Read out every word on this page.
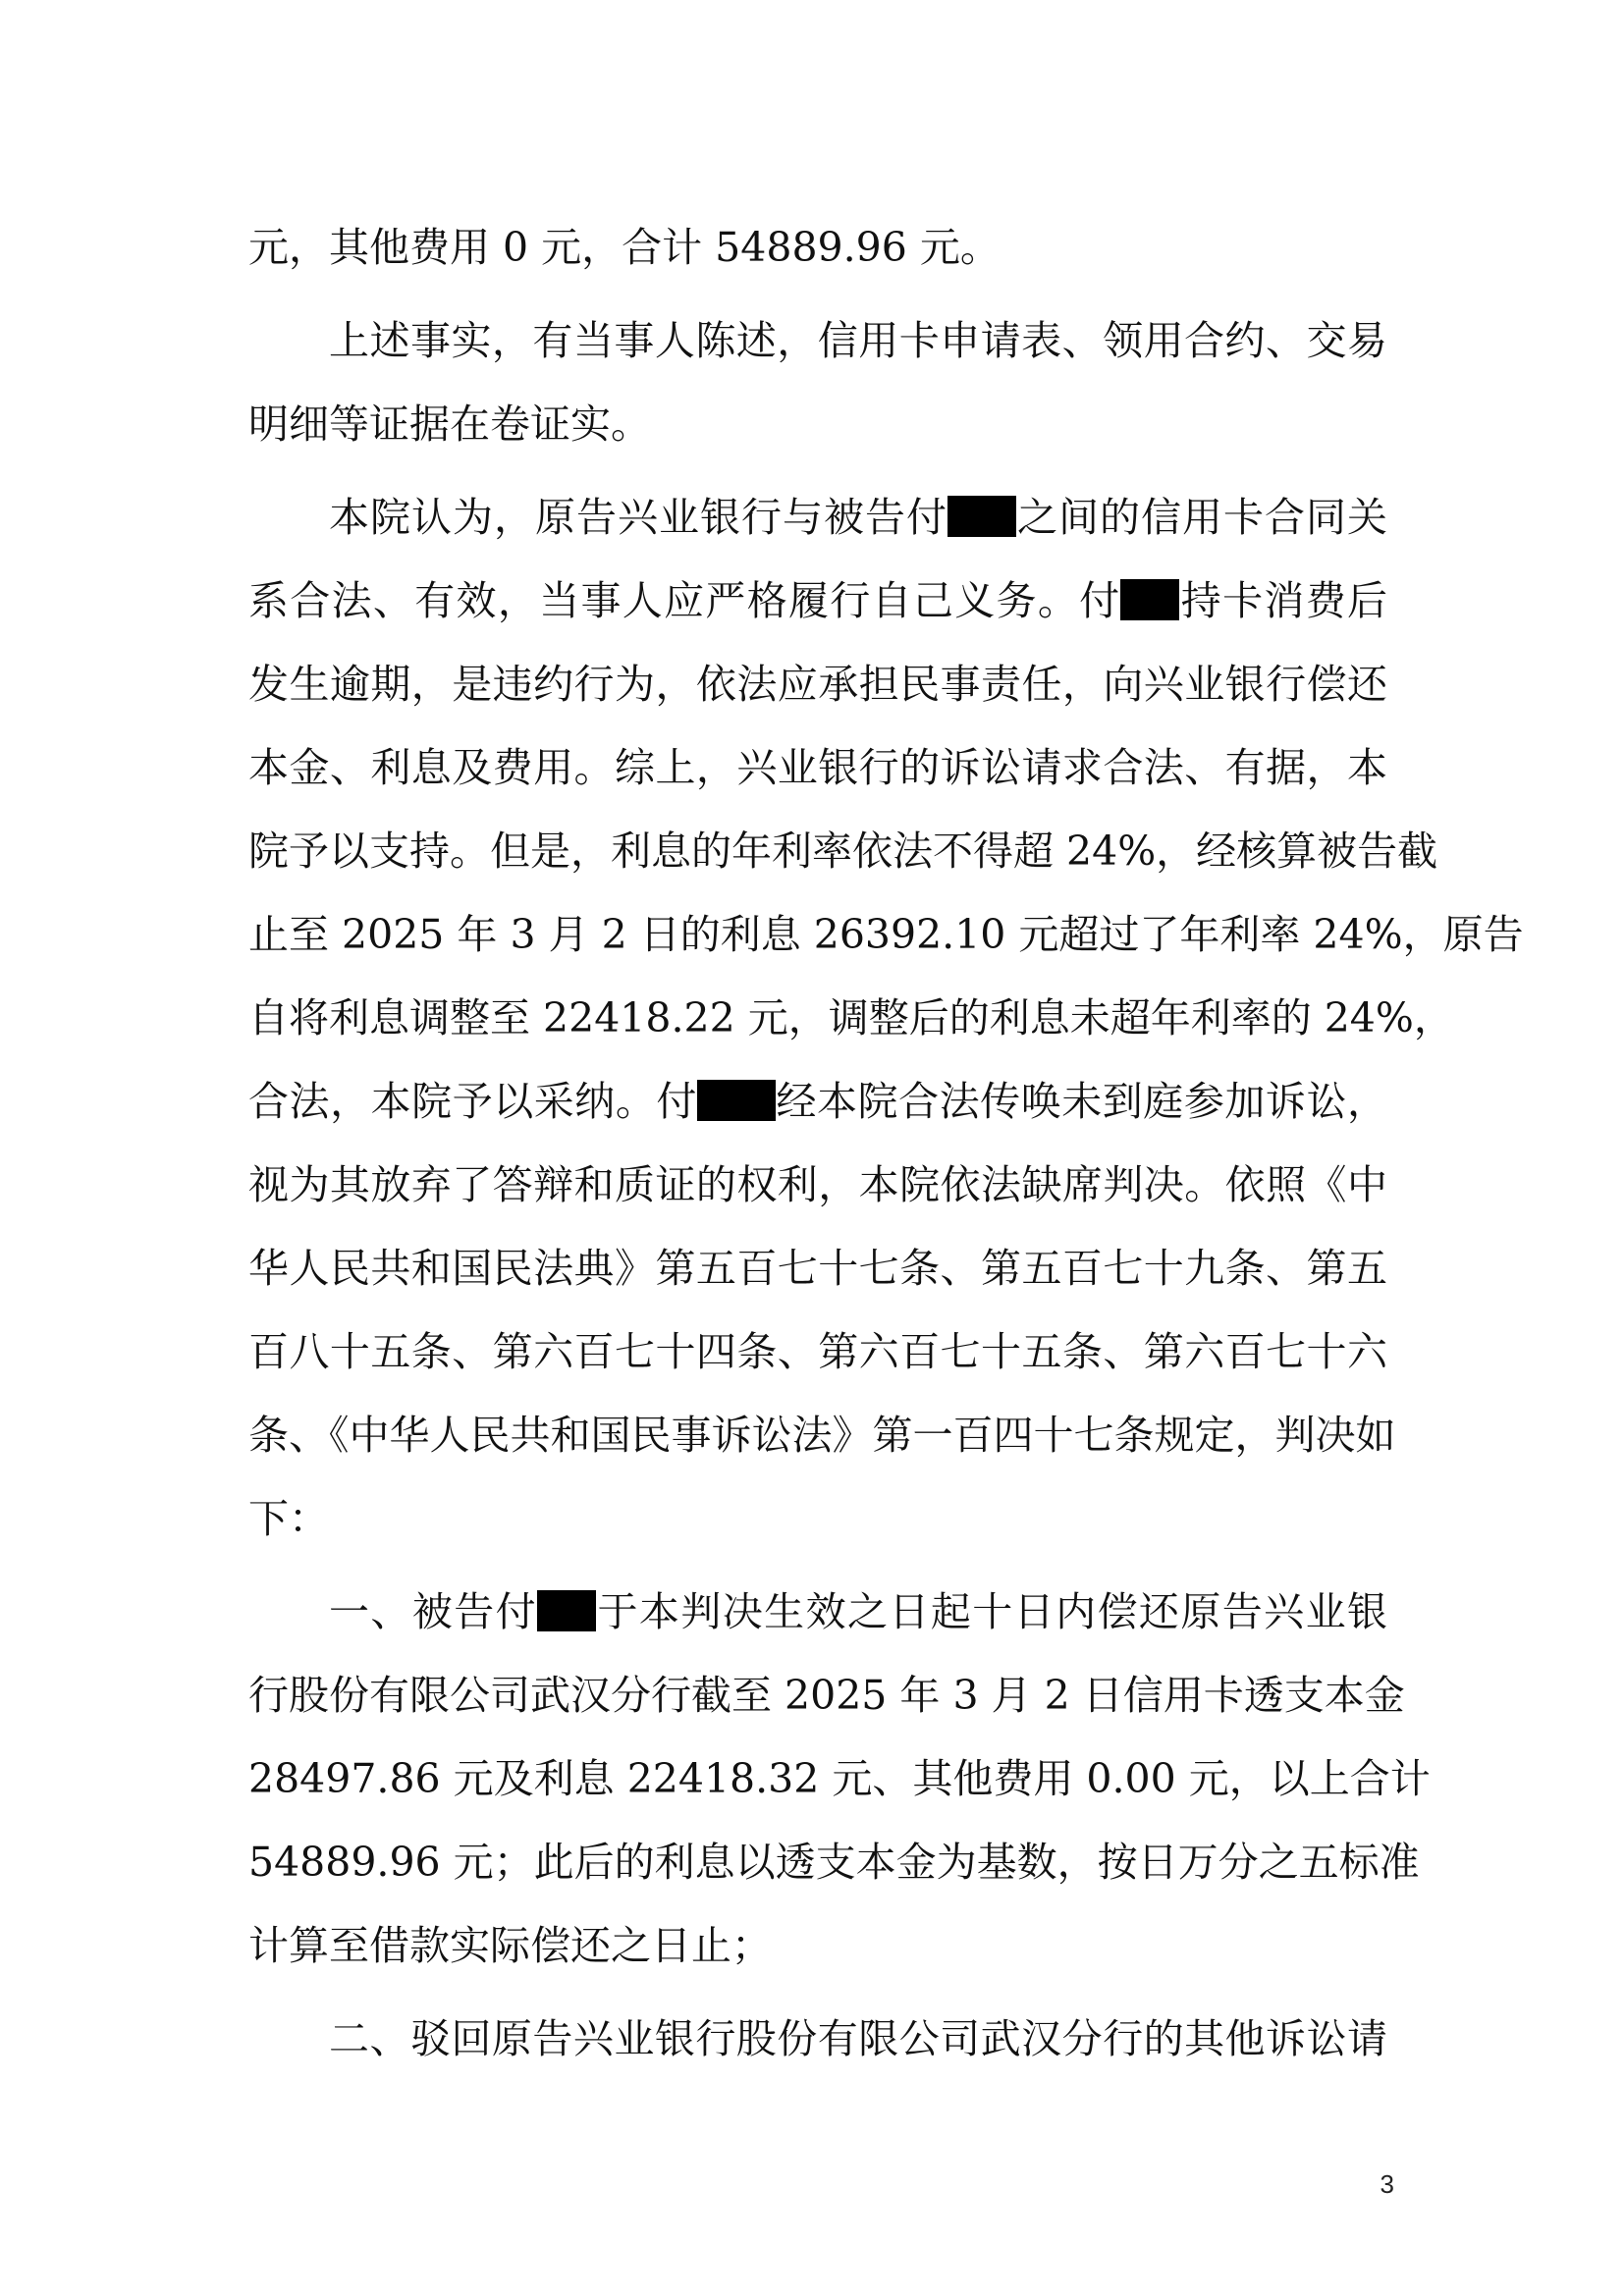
元，其他费用 0 元，合计 54889.96 元。
上述事实，有当事人陈述，信用卡申请表、领用合约、交易
明细等证据在卷证实。
本院认为，原告兴业银行与被告付 之间的信用卡合同关
系合法、有效，当事人应严格履行自己义务。付 持卡消费后
发生逾期，是违约行为，依法应承担民事责任，向兴业银行偿还
本金、利息及费用。综上，兴业银行的诉讼请求合法、有据，本
院予以支持。但是，利息的年利率依法不得超 24%，经核算被告截
止至 2025 年 3 月 2 日的利息 26392.10 元超过了年利率 24%，原告
自将利息调整至 22418.22 元，调整后的利息未超年利率的 24%，
合法，本院予以采纳。付 经本院合法传唤未到庭参加诉讼，
视为其放弃了答辩和质证的权利，本院依法缺席判决。依照《中
华人民共和国民法典》第五百七十七条、第五百七十九条、第五
百八十五条、第六百七十四条、第六百七十五条、第六百七十六
条、《中华人民共和国民事诉讼法》第一百四十七条规定，判决如
下：
一、被告付 于本判决生效之日起十日内偿还原告兴业银
行股份有限公司武汉分行截至 2025 年 3 月 2 日信用卡透支本金
28497.86 元及利息 22418.32 元、其他费用 0.00 元，以上合计
54889.96 元；此后的利息以透支本金为基数，按日万分之五标准
计算至借款实际偿还之日止；
二、驳回原告兴业银行股份有限公司武汉分行的其他诉讼请
3
